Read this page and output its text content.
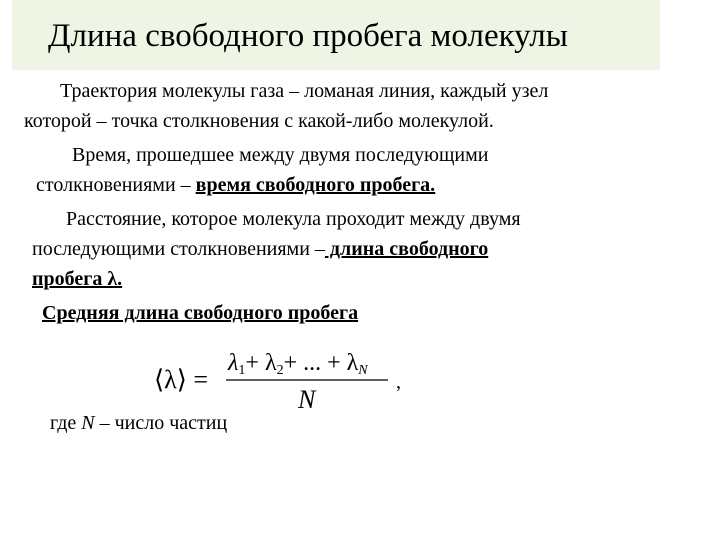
Длина свободного пробега молекулы
Траектория молекулы газа – ломаная линия, каждый узел
которой – точка столкновения с какой-либо молекулой.
Время, прошедшее между двумя последующими
столкновениями – время свободного пробега.
Расстояние, которое молекула проходит между двумя
последующими столкновениями – длина свободного
пробега λ.
Средняя длина свободного пробега
⟨λ⟩ =
λ1+ λ2+ ... + λN
N
,
где N – число частиц
